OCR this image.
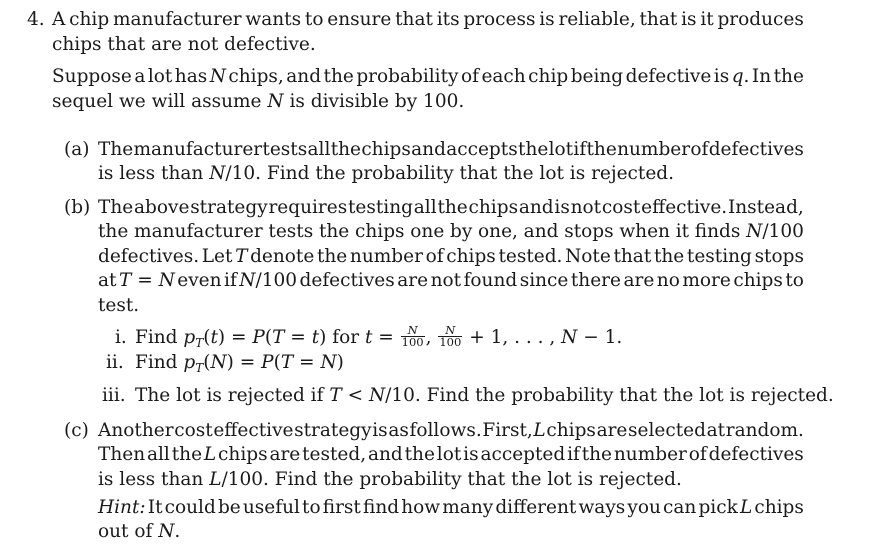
4. A chip manufacturer wants to ensure that its process is reliable, that is it produces
chips that are not defective.
Suppose a lot has N chips, and the probability of each chip being defective is q. In the
sequel we will assume N is divisible by 100.
(a) The manufacturer tests all the chips and accepts the lot if the number of defectives
is less than N/10. Find the probability that the lot is rejected.
(b) The above strategy requires testing all the chips and is not cost effective. Instead,
the manufacturer tests the chips one by one, and stops when it finds N/100
defectives. Let T denote the number of chips tested. Note that the testing stops
at T = N even if N/100 defectives are not found since there are no more chips to
test.
i. Find $p_T(t) = P(T = t)$ for $t = \frac{N}{100}$ , $\frac{N}{100} + 1$, . . . , N − 1.
ii. Find $p_T(N) = P(T = N)$
iii. The lot is rejected if T < N/10. Find the probability that the lot is rejected.
(c) Another cost effective strategy is as follows. First, L chips are selected at random.
Then all the L chips are tested, and the lot is accepted if the number of defectives
is less than L/100. Find the probability that the lot is rejected.
Hint: It could be useful to first find how many different ways you can pick L chips
out of N.
